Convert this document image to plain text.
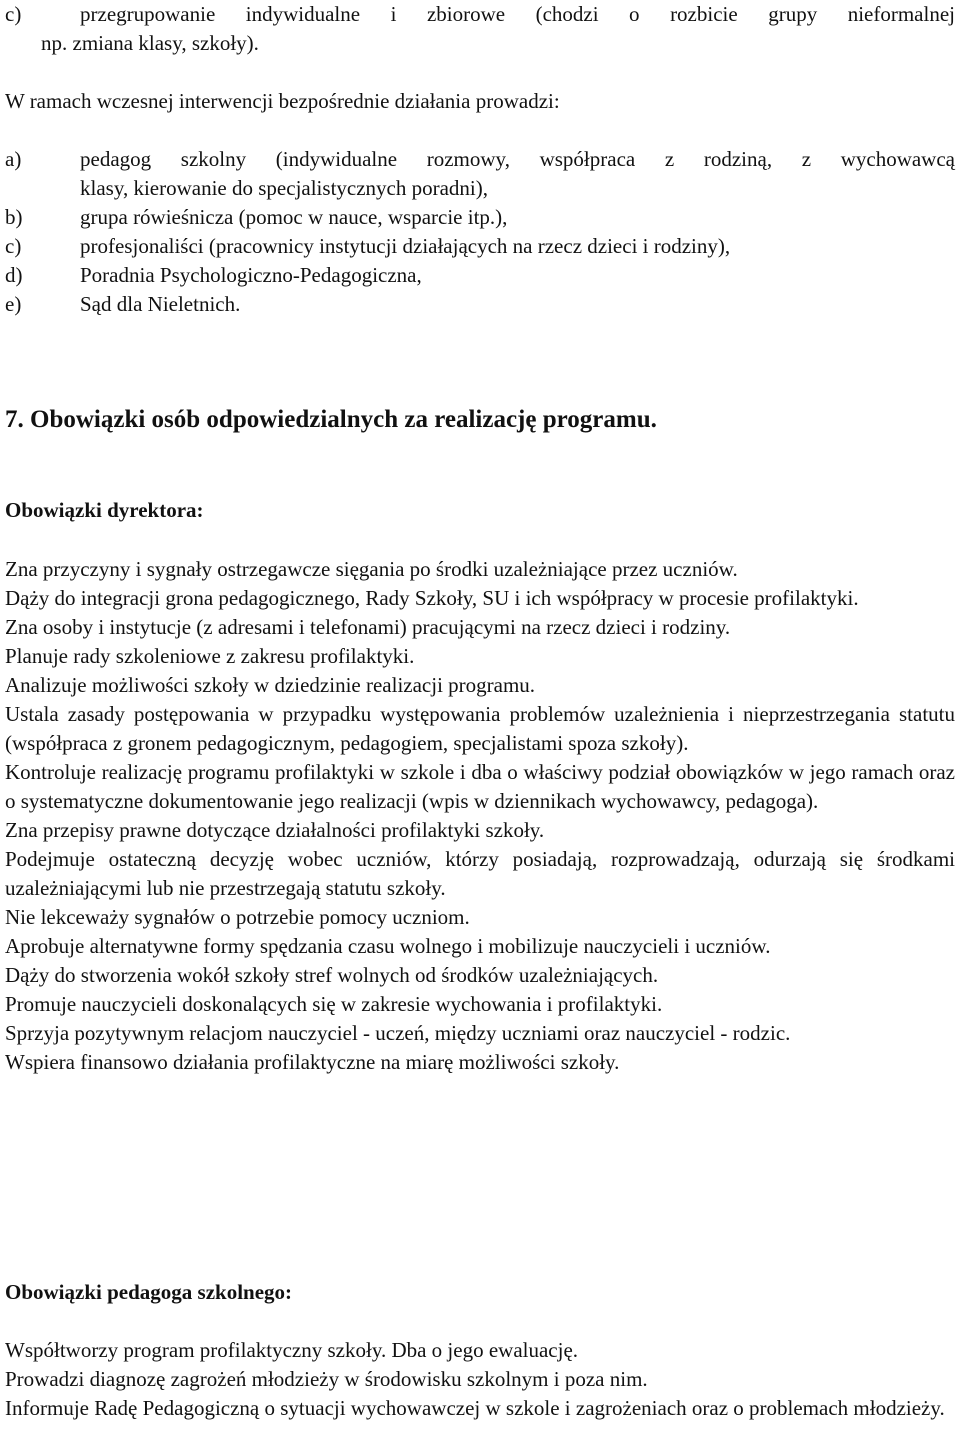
c)	przegrupowanie indywidualne i zbiorowe (chodzi o rozbicie grupy nieformalnej
np. zmiana klasy, szkoły).

W ramach wczesnej interwencji bezpośrednie działania prowadzi:

a)	pedagog szkolny (indywidualne rozmowy, współpraca z rodziną, z wychowawcą
klasy, kierowanie do specjalistycznych poradni),
b)	grupa rówieśnicza (pomoc w nauce, wsparcie itp.),
c)	profesjonaliści (pracownicy instytucji działających na rzecz dzieci i rodziny),
d)	Poradnia Psychologiczno-Pedagogiczna,
e)	Sąd dla Nieletnich.
7. Obowiązki osób odpowiedzialnych za realizację programu.
Obowiązki dyrektora:

Zna przyczyny i sygnały ostrzegawcze sięgania po środki uzależniające przez uczniów.

Dąży do integracji grona pedagogicznego, Rady Szkoły, SU i ich współpracy w procesie profilaktyki.

Zna osoby i instytucje (z adresami i telefonami) pracującymi na rzecz dzieci i rodziny.

Planuje rady szkoleniowe z zakresu profilaktyki.

Analizuje możliwości szkoły w dziedzinie realizacji programu.

Ustala zasady postępowania w przypadku występowania problemów uzależnienia i nieprzestrzegania statutu (współpraca z gronem pedagogicznym, pedagogiem, specjalistami spoza szkoły).

Kontroluje realizację programu profilaktyki w szkole i dba o właściwy podział obowiązków w jego ramach oraz o systematyczne dokumentowanie jego realizacji (wpis w dziennikach wychowawcy, pedagoga).

Zna przepisy prawne dotyczące działalności profilaktyki szkoły.

Podejmuje ostateczną decyzję wobec uczniów, którzy posiadają, rozprowadzają, odurzają się środkami uzależniającymi lub nie przestrzegają statutu szkoły.

Nie lekceważy sygnałów o potrzebie pomocy uczniom.

Aprobuje alternatywne formy spędzania czasu wolnego i mobilizuje nauczycieli i uczniów.

Dąży do stworzenia wokół szkoły stref wolnych od środków uzależniających.

Promuje nauczycieli doskonalących się w zakresie wychowania i profilaktyki.

Sprzyja pozytywnym relacjom nauczyciel - uczeń, między uczniami oraz nauczyciel - rodzic.

Wspiera finansowo działania profilaktyczne na miarę możliwości szkoły.

Obowiązki pedagoga szkolnego:

Współtworzy program profilaktyczny szkoły. Dba o jego ewaluację.

Prowadzi diagnozę zagrożeń młodzieży w środowisku szkolnym i poza nim.

Informuje Radę Pedagogiczną o sytuacji wychowawczej w szkole i zagrożeniach oraz o problemach młodzieży.
